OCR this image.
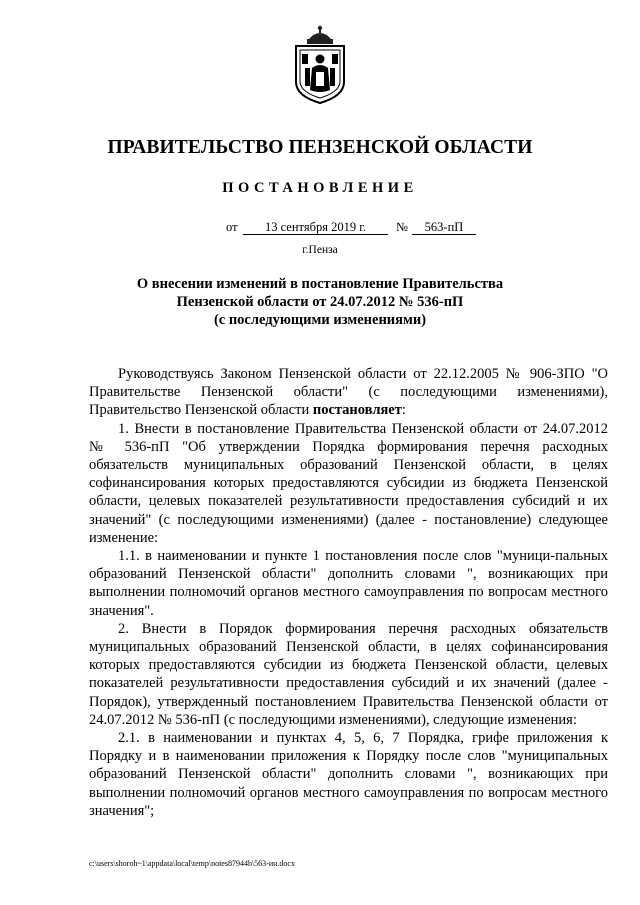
ПРАВИТЕЛЬСТВО ПЕНЗЕНСКОЙ ОБЛАСТИ
ПОСТАНОВЛЕНИЕ
от	13 сентября 2019 г.	№	563-пП
г.Пенза
О внесении изменений в постановление Правительства
Пензенской области от 24.07.2012 № 536-пП
(с последующими изменениями)

Руководствуясь Законом Пензенской области от 22.12.2005 № 906-ЗПО "О Правительстве Пензенской области" (с последующими изменениями), Правительство Пензенской области постановляет:

1. Внести в постановление Правительства Пензенской области от 24.07.2012 № 536-пП "Об утверждении Порядка формирования перечня расходных обязательств муниципальных образований Пензенской области, в целях софинансирования которых предоставляются субсидии из бюджета Пензенской области, целевых показателей результативности предоставления субсидий и их значений" (с последующими изменениями) (далее - постановление) следующее изменение:

1.1. в наименовании и пункте 1 постановления после слов "муници-пальных образований Пензенской области" дополнить словами ", возникающих при выполнении полномочий органов местного самоуправления по вопросам местного значения".

2. Внести в Порядок формирования перечня расходных обязательств муниципальных образований Пензенской области, в целях софинансирования которых предоставляются субсидии из бюджета Пензенской области, целевых показателей результативности предоставления субсидий и их значений (далее - Порядок), утвержденный постановлением Правительства Пензенской области от 24.07.2012 № 536-пП (с последующими изменениями), следующие изменения:

2.1. в наименовании и пунктах 4, 5, 6, 7 Порядка, грифе приложения к Порядку и в наименовании приложения к Порядку после слов "муниципальных образований Пензенской области" дополнить словами ", возникающих при выполнении полномочий органов местного самоуправления по вопросам местного значения";

c:\users\shoroh~1\appdata\local\temp\notes87944b\563-ин.docx
